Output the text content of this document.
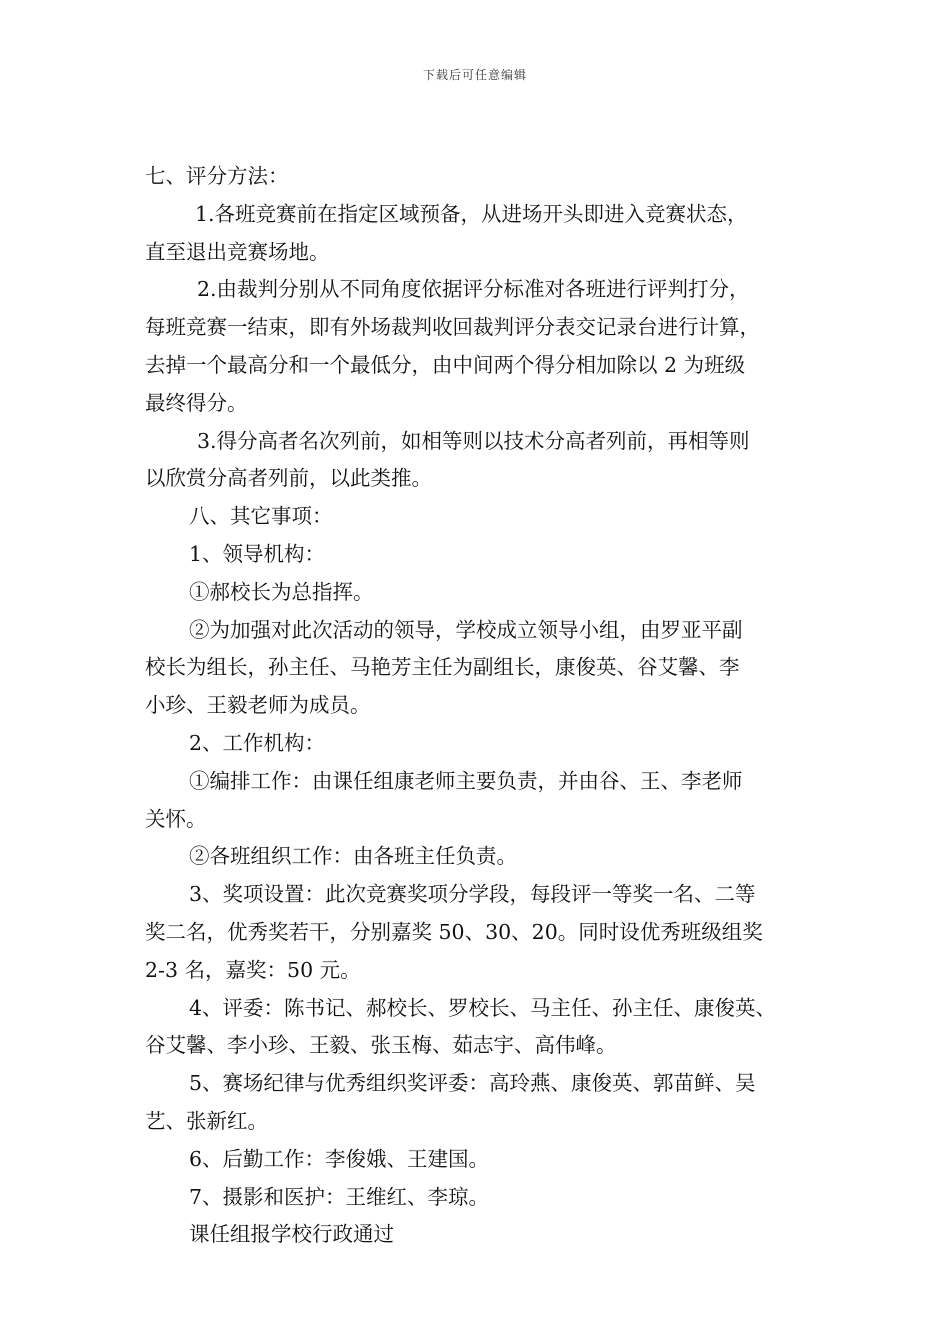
下载后可任意编辑
七、评分方法：
1.各班竞赛前在指定区域预备，从进场开头即进入竞赛状态，
直至退出竞赛场地。
2.由裁判分别从不同角度依据评分标准对各班进行评判打分，
每班竞赛一结束，即有外场裁判收回裁判评分表交记录台进行计算，
去掉一个最高分和一个最低分，由中间两个得分相加除以 2 为班级
最终得分。
3.得分高者名次列前，如相等则以技术分高者列前，再相等则
以欣赏分高者列前，以此类推。
八、其它事项：
1、领导机构：
①郝校长为总指挥。
②为加强对此次活动的领导，学校成立领导小组，由罗亚平副
校长为组长，孙主任、马艳芳主任为副组长，康俊英、谷艾馨、李
小珍、王毅老师为成员。
2、工作机构：
①编排工作：由课任组康老师主要负责，并由谷、王、李老师
关怀。
②各班组织工作：由各班主任负责。
3、奖项设置：此次竞赛奖项分学段，每段评一等奖一名、二等
奖二名，优秀奖若干，分别嘉奖 50、30、20。同时设优秀班级组奖
2-3 名，嘉奖：50 元。
4、评委：陈书记、郝校长、罗校长、马主任、孙主任、康俊英、
谷艾馨、李小珍、王毅、张玉梅、茹志宇、高伟峰。
5、赛场纪律与优秀组织奖评委：高玲燕、康俊英、郭苗鲜、吴
艺、张新红。
6、后勤工作：李俊娥、王建国。
7、摄影和医护：王维红、李琼。
课任组报学校行政通过
